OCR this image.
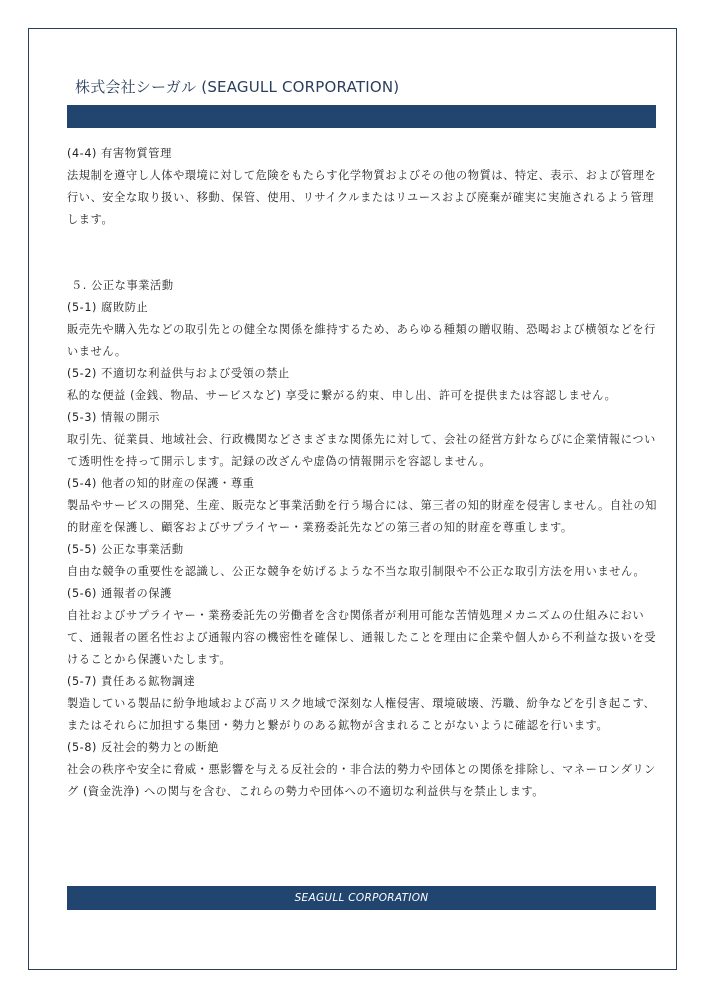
株式会社シーガル (SEAGULL CORPORATION)

(4-4) 有害物質管理

法規制を遵守し人体や環境に対して危険をもたらす化学物質およびその他の物質は、特定、表示、および管理を行い、安全な取り扱い、移動、保管、使用、リサイクルまたはリユースおよび廃棄が確実に実施されるよう管理します。

５. 公正な事業活動

(5-1) 腐敗防止

販売先や購入先などの取引先との健全な関係を維持するため、あらゆる種類の贈収賄、恐喝および横領などを行いません。

(5-2) 不適切な利益供与および受領の禁止

私的な便益 (金銭、物品、サービスなど) 享受に繋がる約束、申し出、許可を提供または容認しません。

(5-3) 情報の開示

取引先、従業員、地域社会、行政機関などさまざまな関係先に対して、会社の経営方針ならびに企業情報について透明性を持って開示します。記録の改ざんや虚偽の情報開示を容認しません。

(5-4) 他者の知的財産の保護・尊重

製品やサービスの開発、生産、販売など事業活動を行う場合には、第三者の知的財産を侵害しません。自社の知的財産を保護し、顧客およびサプライヤー・業務委託先などの第三者の知的財産を尊重します。

(5-5) 公正な事業活動

自由な競争の重要性を認識し、公正な競争を妨げるような不当な取引制限や不公正な取引方法を用いません。

(5-6) 通報者の保護

自社およびサプライヤー・業務委託先の労働者を含む関係者が利用可能な苦情処理メカニズムの仕組みにおいて、通報者の匿名性および通報内容の機密性を確保し、通報したことを理由に企業や個人から不利益な扱いを受けることから保護いたします。

(5-7) 責任ある鉱物調達

製造している製品に紛争地域および高リスク地域で深刻な人権侵害、環境破壊、汚職、紛争などを引き起こす、またはそれらに加担する集団・勢力と繋がりのある鉱物が含まれることがないように確認を行います。

(5-8) 反社会的勢力との断絶

社会の秩序や安全に脅威・悪影響を与える反社会的・非合法的勢力や団体との関係を排除し、マネーロンダリング (資金洗浄) への関与を含む、これらの勢力や団体への不適切な利益供与を禁止します。

SEAGULL CORPORATION
